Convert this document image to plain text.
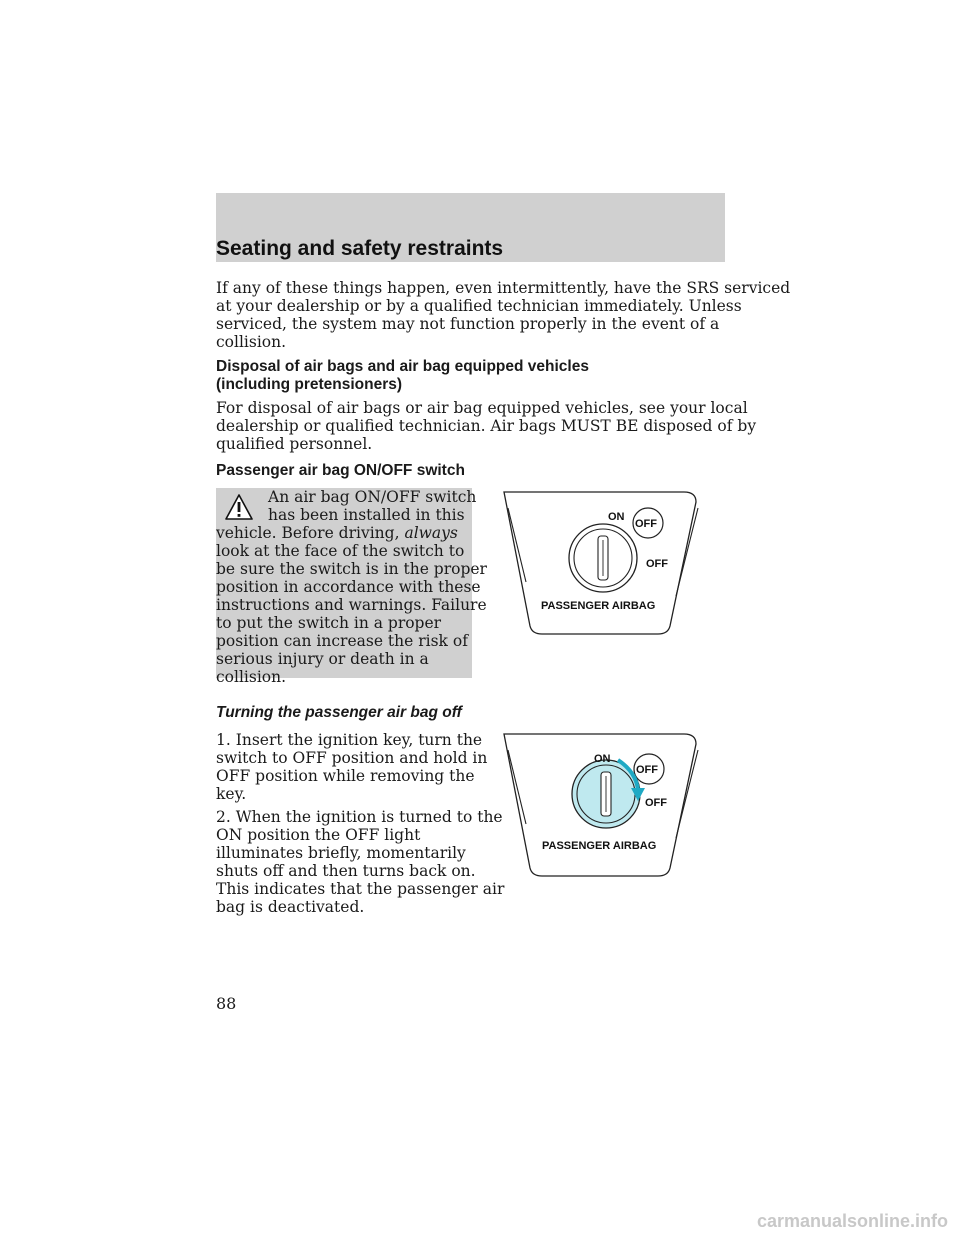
Seating and safety restraints

If any of these things happen, even intermittently, have the SRS serviced
at your dealership or by a qualified technician immediately. Unless
serviced, the system may not function properly in the event of a
collision.

Disposal of air bags and air bag equipped vehicles
(including pretensioners)

For disposal of air bags or air bag equipped vehicles, see your local
dealership or qualified technician. Air bags MUST BE disposed of by
qualified personnel.

Passenger air bag ON/OFF switch

An air bag ON/OFF switch
has been installed in this
vehicle. Before driving, always
look at the face of the switch to
be sure the switch is in the proper
position in accordance with these
instructions and warnings. Failure
to put the switch in a proper
position can increase the risk of
serious injury or death in a
collision.
ON
OFF
OFF
PASSENGER AIRBAG

Turning the passenger air bag off

1. Insert the ignition key, turn the
switch to OFF position and hold in
OFF position while removing the
key.

2. When the ignition is turned to the
ON position the OFF light
illuminates briefly, momentarily
shuts off and then turns back on.
This indicates that the passenger air
bag is deactivated.

ON
OFF
OFF
PASSENGER AIRBAG
88
carmanualsonline.info
